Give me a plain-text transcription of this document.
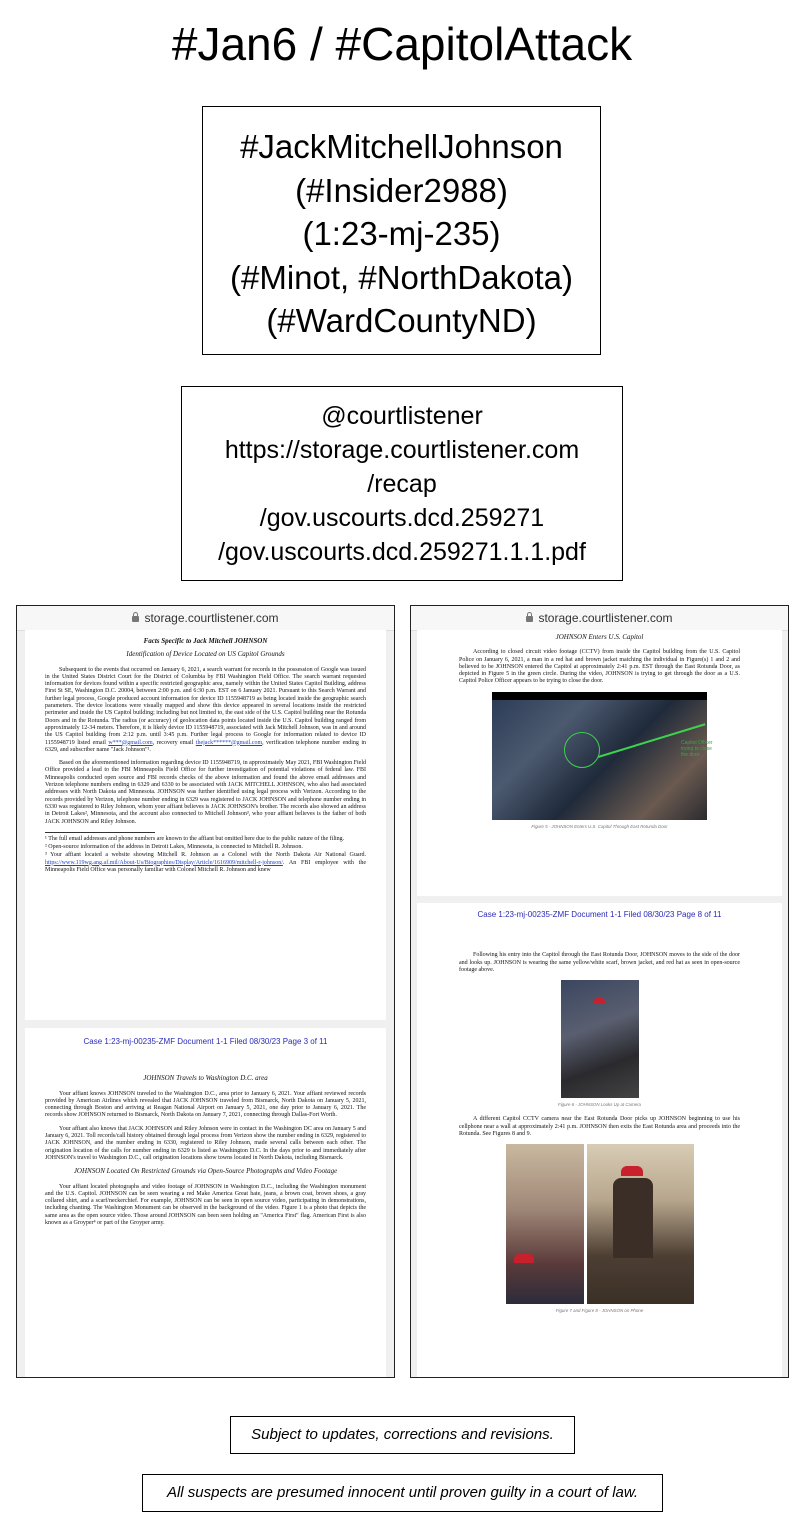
#Jan6 / #CapitolAttack
#JackMitchellJohnson
(#Insider2988)
(1:23-mj-235)
(#Minot, #NorthDakota)
(#WardCountyND)
@courtlistener
https://storage.courtlistener.com
/recap
/gov.uscourts.dcd.259271
/gov.uscourts.dcd.259271.1.1.pdf
storage.courtlistener.com
Facts Specific to Jack Mitchell JOHNSON
Identification of Device Located on US Capitol Grounds

Subsequent to the events that occurred on January 6, 2021, a search warrant for records in the possession of Google was issued in the United States District Court for the District of Columbia by FBI Washington Field Office. The search warrant requested information for devices found within a specific restricted geographic area, namely within the United States Capitol Building, address First St SE, Washington D.C. 20004, between 2:00 p.m. and 6:30 p.m. EST on 6 January 2021. Pursuant to this Search Warrant and further legal process, Google produced account information for device ID 1155948719 as being located inside the geographic search parameters. The device locations were visually mapped and show this device appeared in several locations inside the restricted perimeter and inside the US Capitol building; including but not limited to, the east side of the U.S. Capitol building near the Rotunda Doors and in the Rotunda. The radius (or accuracy) of geolocation data points located inside the U.S. Capitol building ranged from approximately 12-34 meters. Therefore, it is likely device ID 1155948719, associated with Jack Mitchell Johnson, was in and around the US Capitol building from 2:12 p.m. until 3:45 p.m. Further legal process to Google for information related to device ID 1155948719 listed email w***@gmail.com, recovery email thejack******@gmail.com, verification telephone number ending in 6329, and subscriber name "Jack Johnson"¹.

Based on the aforementioned information regarding device ID 1155948719, in approximately May 2021, FBI Washington Field Office provided a lead to the FBI Minneapolis Field Office for further investigation of potential violations of federal law. FBI Minneapolis conducted open source and FBI records checks of the above information and found the above email addresses and Verizon telephone numbers ending in 6329 and 6330 to be associated with JACK MITCHELL JOHNSON, who also had associated addresses with North Dakota and Minnesota. JOHNSON was further identified using legal process with Verizon. According to the records provided by Verizon, telephone number ending in 6329 was registered to JACK JOHNSON and telephone number ending in 6330 was registered to Riley Johnson, whom your affiant believes is JACK JOHNSON's brother. The records also showed an address in Detroit Lakes², Minnesota, and the account also connected to Mitchell Johnson³, who your affiant believes is the father of both JACK JOHNSON and Riley Johnson.

¹ The full email addresses and phone numbers are known to the affiant but omitted here due to the public nature of the filing.

² Open-source information of the address in Detroit Lakes, Minnesota, is connected to Mitchell R. Johnson.

³ Your affiant located a website showing Mitchell R. Johnson as a Colonel with the North Dakota Air National Guard. https://www.119wg.ang.af.mil/About-Us/Biographies/Display/Article/1616909/mitchell-r-johnson/. An FBI employee with the Minneapolis Field Office was personally familiar with Colonel Mitchell R. Johnson and knew

Case 1:23-mj-00235-ZMF Document 1-1 Filed 08/30/23 Page 3 of 11
JOHNSON Travels to Washington D.C. area

Your affiant knows JOHNSON traveled to the Washington D.C., area prior to January 6, 2021. Your affiant reviewed records provided by American Airlines which revealed that JACK JOHNSON traveled from Bismarck, North Dakota on January 5, 2021, connecting through Boston and arriving at Reagan National Airport on January 5, 2021, one day prior to January 6, 2021. The records show JOHNSON returned to Bismarck, North Dakota on January 7, 2021, connecting through Dallas-Fort Worth.

Your affiant also knows that JACK JOHNSON and Riley Johnson were in contact in the Washington DC area on January 5 and January 6, 2021. Toll records/call history obtained through legal process from Verizon show the number ending in 6329, registered to JACK JOHNSON, and the number ending in 6330, registered to Riley Johnson, made several calls between each other. The origination location of the calls for number ending in 6329 is listed as Washington D.C. In the days prior to and immediately after JOHNSON's travel to Washington D.C., call origination locations show towns located in North Dakota, including Bismarck.

JOHNSON Located On Restricted Grounds via Open-Source Photographs and Video Footage

Your affiant located photographs and video footage of JOHNSON in Washington D.C., including the Washington monument and the U.S. Capitol. JOHNSON can be seen wearing a red Make America Great hate, jeans, a brown coat, brown shoes, a gray collared shirt, and a scarf/neckerchief. For example, JOHNSON can be seen in open source video, participating in demonstrations, including chanting. The Washington Monument can be observed in the background of the video. Figure 1 is a photo that depicts the same area as the open source video. Those around JOHNSON can been seen holding an "America First" flag. American First is also known as a Groyper⁴ or part of the Groyper army.

storage.courtlistener.com
JOHNSON Enters U.S. Capitol

According to closed circuit video footage (CCTV) from inside the Capitol building from the U.S. Capitol Police on January 6, 2021, a man in a red hat and brown jacket matching the individual in Figure(s) 1 and 2 and believed to be JOHNSON entered the Capitol at approximately 2:41 p.m. EST through the East Rotunda Door, as depicted in Figure 5 in the green circle. During the video, JOHNSON is trying to get through the door as a U.S. Capitol Police Officer appears to be trying to close the door.

Capitol Officer trying to close the door
Figure 5 - JOHNSON Enters U.S. Capitol Through East Rotunda Door
Case 1:23-mj-00235-ZMF Document 1-1 Filed 08/30/23 Page 8 of 11

Following his entry into the Capitol through the East Rotunda Door, JOHNSON moves to the side of the door and looks up. JOHNSON is wearing the same yellow/white scarf, brown jacket, and red hat as seen in open-source footage above.

Figure 6 - JOHNSON Looks Up at Camera

A different Capitol CCTV camera near the East Rotunda Door picks up JOHNSON beginning to use his cellphone near a wall at approximately 2:41 p.m. JOHNSON then exits the East Rotunda area and proceeds into the Rotunda. See Figures 8 and 9.

Figure 7 and Figure 8 - JOHNSON on Phone
Subject to updates, corrections and revisions.
All suspects are presumed innocent until proven guilty in a court of law.
